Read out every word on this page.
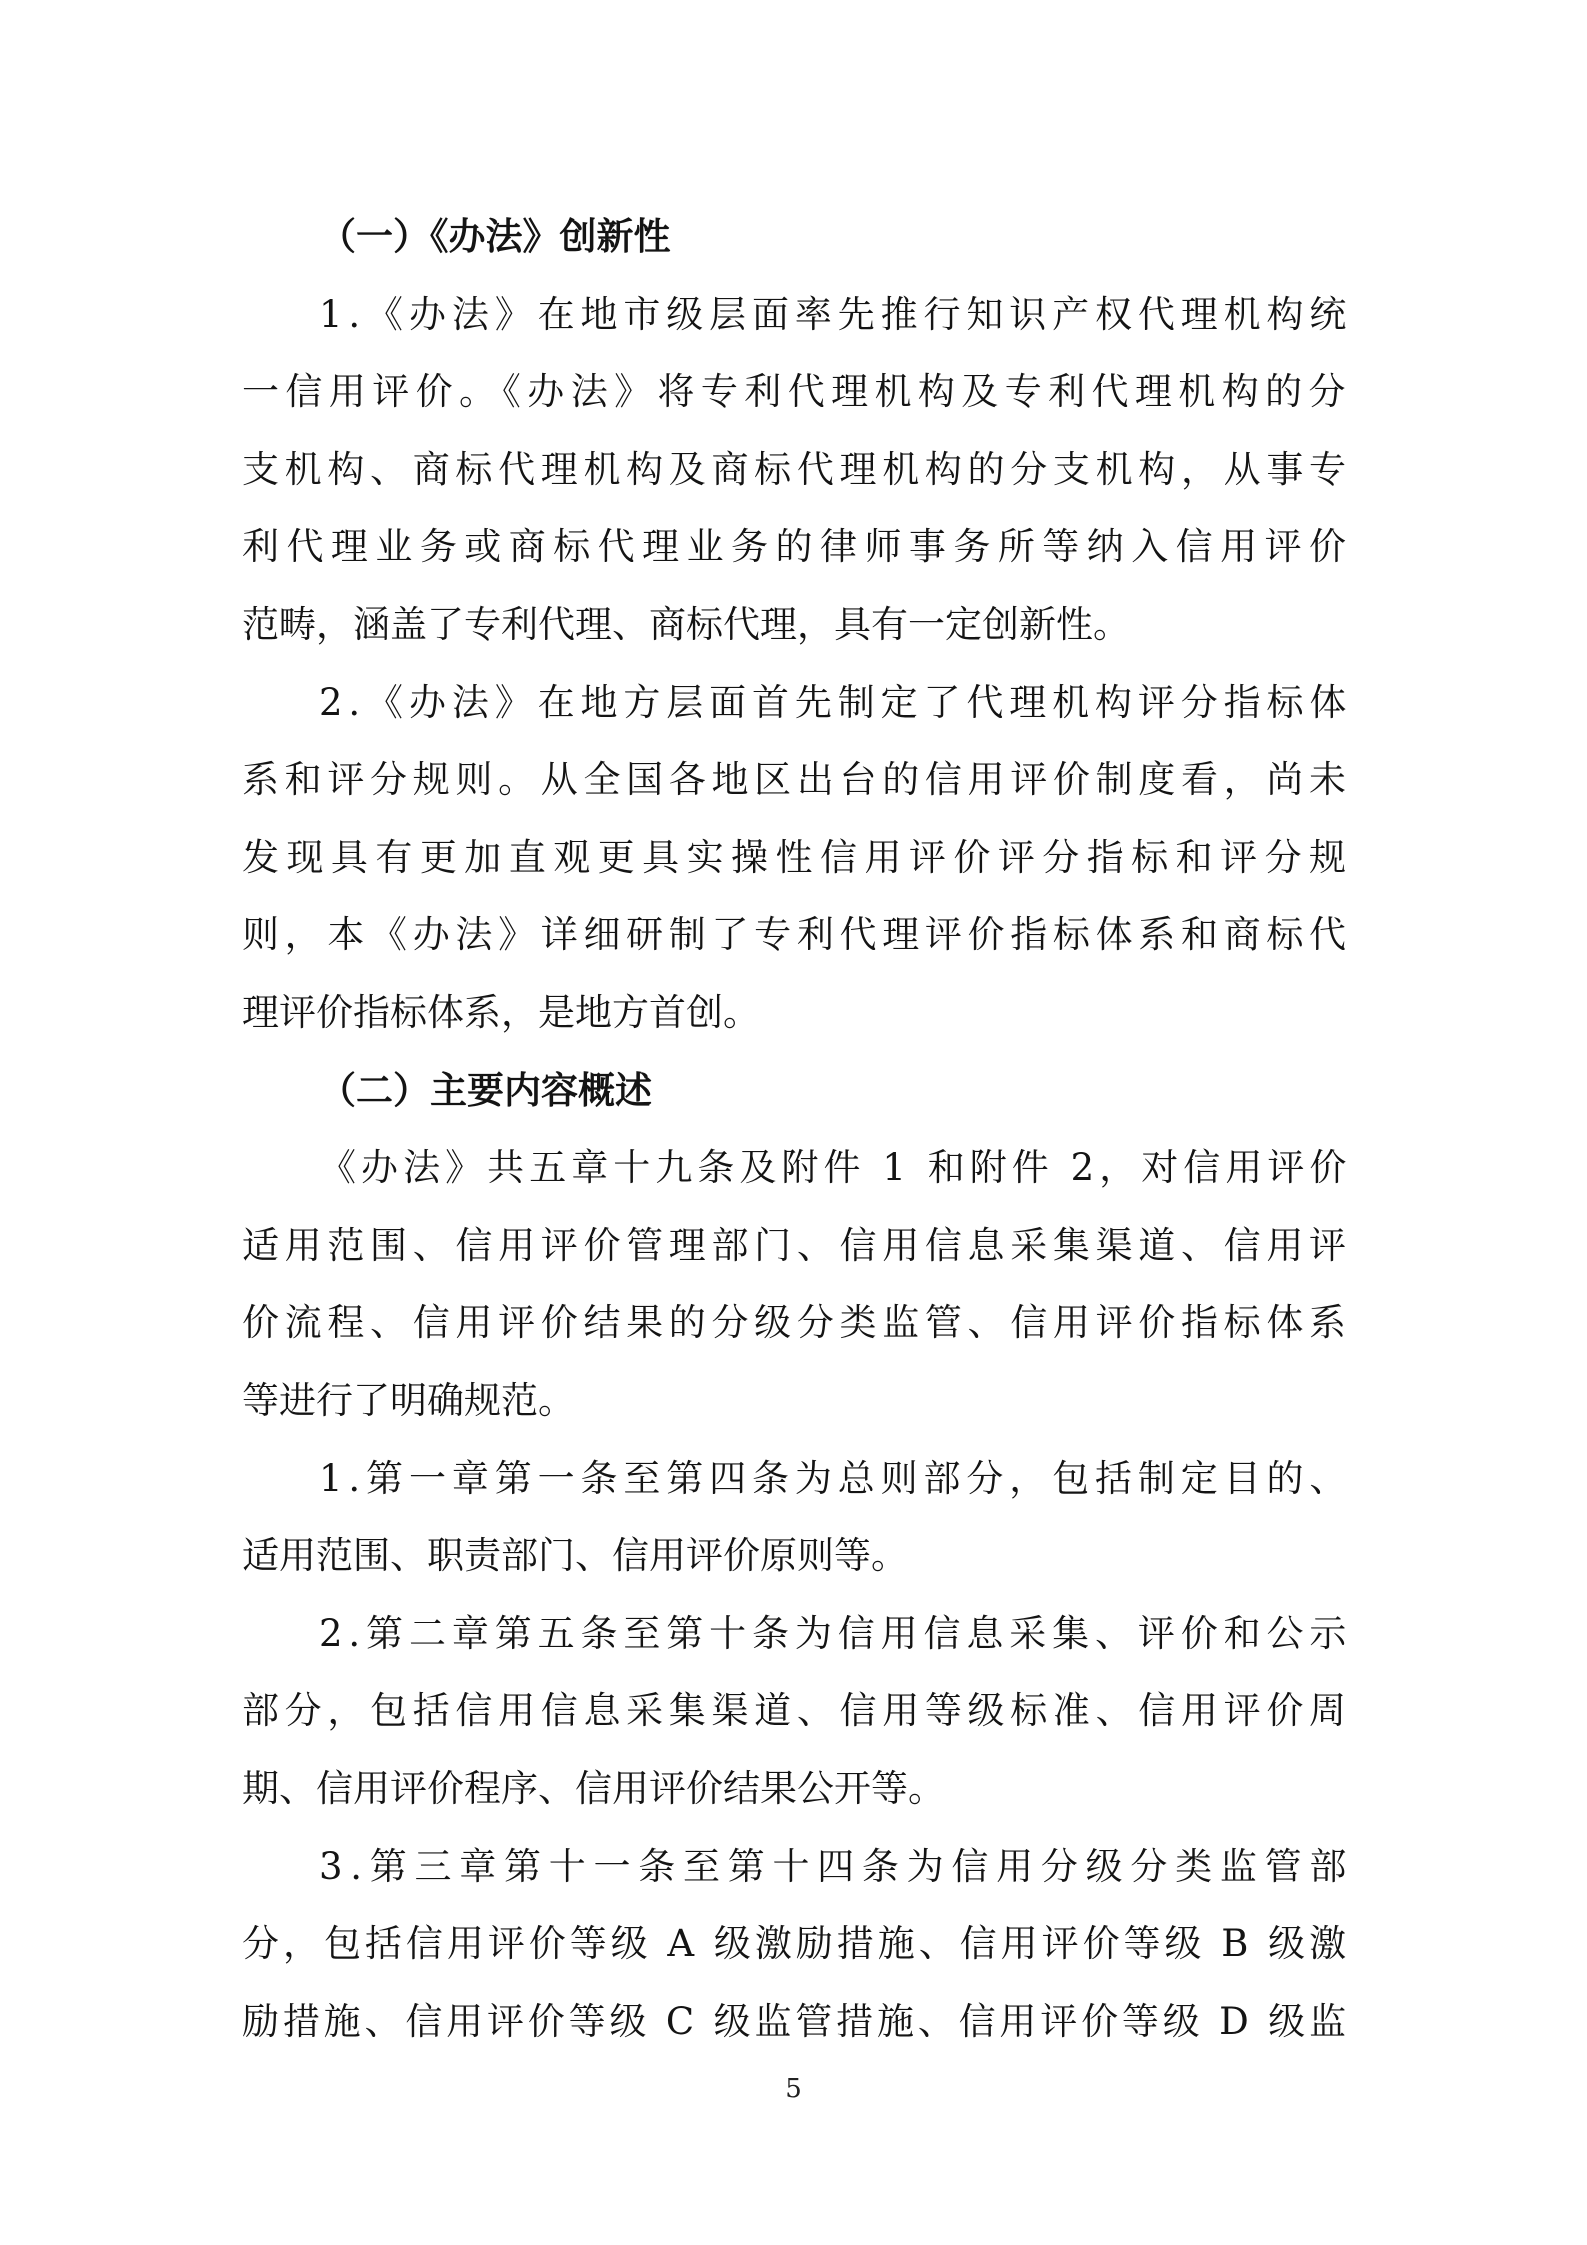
（一）《办法》创新性
1.《办法》在地市级层面率先推行知识产权代理机构统
一信用评价。《办法》将专利代理机构及专利代理机构的分
支机构、商标代理机构及商标代理机构的分支机构，从事专
利代理业务或商标代理业务的律师事务所等纳入信用评价
范畴，涵盖了专利代理、商标代理，具有一定创新性。
2.《办法》在地方层面首先制定了代理机构评分指标体
系和评分规则。从全国各地区出台的信用评价制度看，尚未
发现具有更加直观更具实操性信用评价评分指标和评分规
则，本《办法》详细研制了专利代理评价指标体系和商标代
理评价指标体系，是地方首创。
（二）主要内容概述
《办法》共五章十九条及附件 1 和附件 2，对信用评价
适用范围、信用评价管理部门、信用信息采集渠道、信用评
价流程、信用评价结果的分级分类监管、信用评价指标体系
等进行了明确规范。
1.第一章第一条至第四条为总则部分，包括制定目的、
适用范围、职责部门、信用评价原则等。
2.第二章第五条至第十条为信用信息采集、评价和公示
部分，包括信用信息采集渠道、信用等级标准、信用评价周
期、信用评价程序、信用评价结果公开等。
3.第三章第十一条至第十四条为信用分级分类监管部
分，包括信用评价等级 A 级激励措施、信用评价等级 B 级激
励措施、信用评价等级 C 级监管措施、信用评价等级 D 级监
5
